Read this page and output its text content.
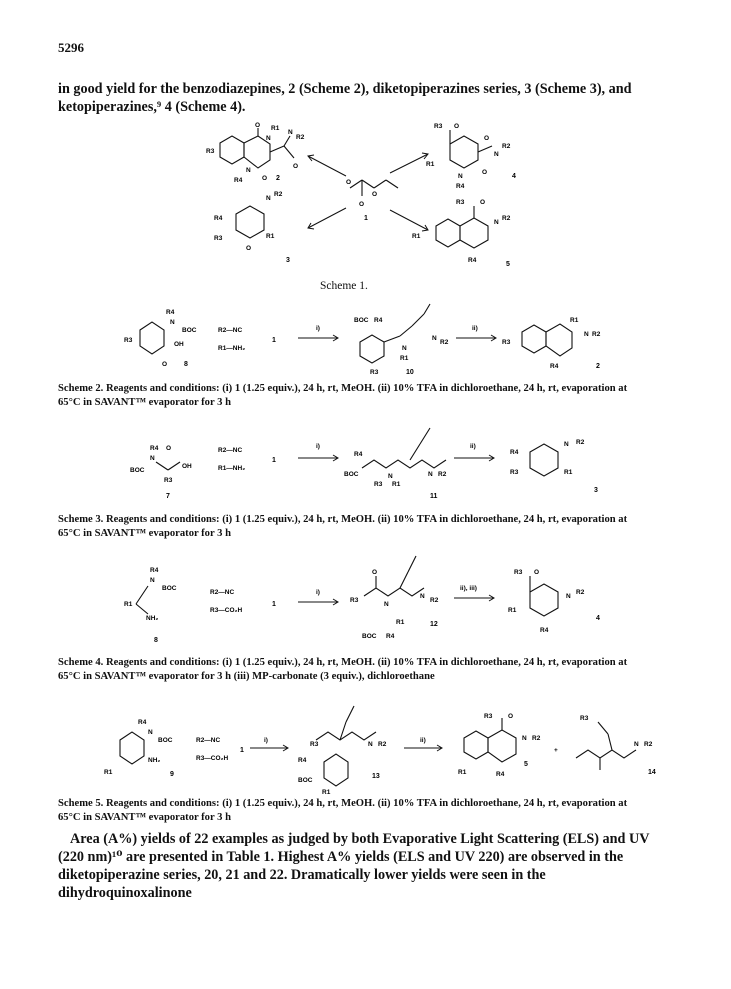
5296
in good yield for the benzodiazepines, 2 (Scheme 2), diketopiperazines series, 3 (Scheme 3), and
ketopiperazines,⁹ 4 (Scheme 4).
O
N
R1
N
R2
O
N
O
R3
R4	2
R3 O
N
R2
O
R1
N
R4
O
4
O
O
O
1
R4
R3
N
R2
R1
O
3
R3 O
N
R2
R1
R4
5
Scheme 1.
R3
N
R4
BOC
OH
O 8
R2—NC
R1—NH₂
1
i)
BOC R4
N
R1
N
R2
R3	10
ii)
R3
R1
N R2
R4	2
Scheme 2. Reagents and conditions: (i) 1 (1.25 equiv.), 24 h, rt, MeOH. (ii) 10% TFA in dichloroethane, 24 h, rt, evaporation at
65°C in SAVANT™ evaporator for 3 h
R4 O
BOC
N
OH
R3
7
R2—NC
R1—NH₂
1
i)
R4
BOC	N	N R2
R3 R1
11
ii)
R4
R3
N R2
R1
3
Scheme 3. Reagents and conditions: (i) 1 (1.25 equiv.), 24 h, rt, MeOH. (ii) 10% TFA in dichloroethane, 24 h, rt, evaporation at
65°C in SAVANT™ evaporator for 3 h
R4
N
BOC
R1
NH₂
8
R2—NC
R3—CO₂H
1
i)
O
R3
N
N
R2
R1
BOC R4
12
ii), iii)
R3 O
R1
N
R2
R4
4
Scheme 4. Reagents and conditions: (i) 1 (1.25 equiv.), 24 h, rt, MeOH. (ii) 10% TFA in dichloroethane, 24 h, rt, evaporation at
65°C in SAVANT™ evaporator for 3 h (iii) MP-carbonate (3 equiv.), dichloroethane
R4
N
BOC
NH₂
R1	9
R2—NC
R3—CO₂H
1
i)
R3
R4
N R2
BOC
R1
13
ii)
R3 O
N R2
R1	R4
5
+
R3
N R2
14
Scheme 5. Reagents and conditions: (i) 1 (1.25 equiv.), 24 h, rt, MeOH. (ii) 10% TFA in dichloroethane, 24 h, rt, evaporation at
65°C in SAVANT™ evaporator for 3 h
Area (A%) yields of 22 examples as judged by both Evaporative Light Scattering (ELS) and UV
(220 nm)¹⁰ are presented in Table 1. Highest A% yields (ELS and UV 220) are observed in the
diketopiperazine series, 20, 21 and 22. Dramatically lower yields were seen in the dihydroquinoxalinone
